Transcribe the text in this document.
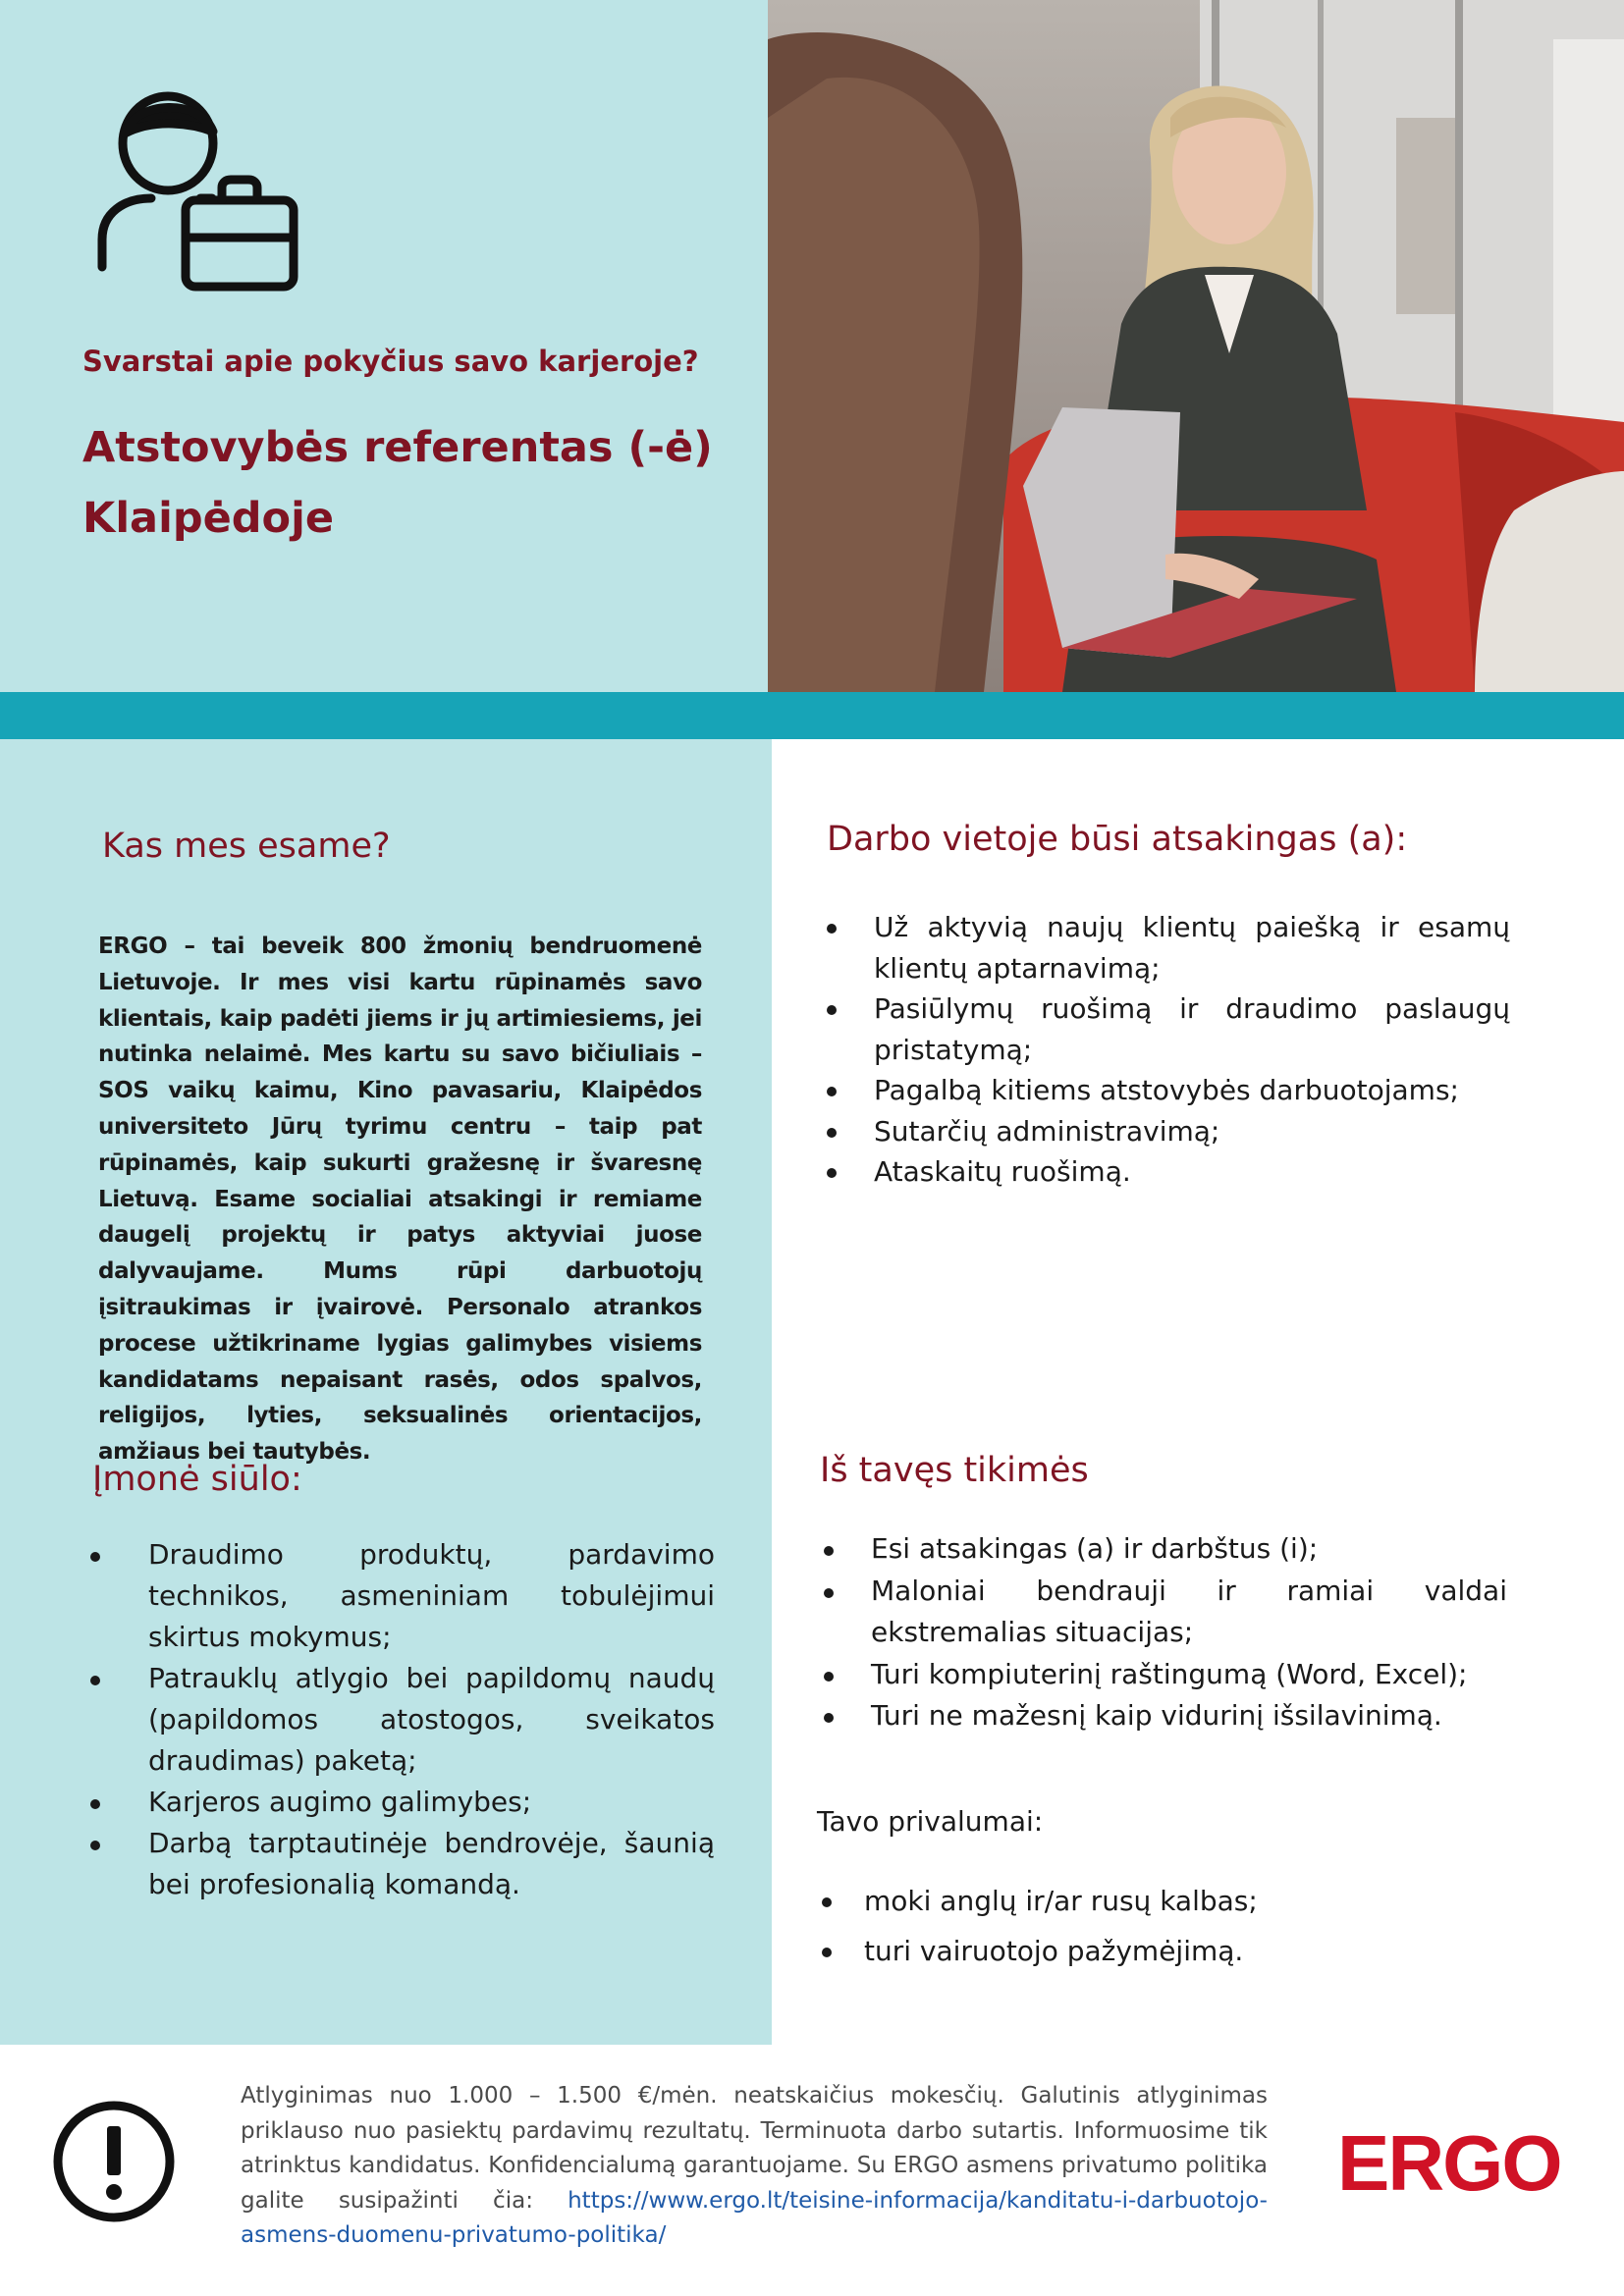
Svarstai apie pokyčius savo karjeroje?
Atstovybės referentas (-ė)
Klaipėdoje
Kas mes esame?
ERGO – tai beveik 800 žmonių bendruomenė Lietuvoje. Ir mes visi kartu rūpinamės savo klientais, kaip padėti jiems ir jų artimiesiems, jei nutinka nelaimė. Mes kartu su savo bičiuliais – SOS vaikų kaimu, Kino pavasariu, Klaipėdos universiteto Jūrų tyrimu centru – taip pat rūpinamės, kaip sukurti gražesnę ir švaresnę Lietuvą. Esame socialiai atsakingi ir remiame daugelį projektų ir patys aktyviai juose dalyvaujame. Mums rūpi darbuotojų įsitraukimas ir įvairovė. Personalo atrankos procese užtikriname lygias galimybes visiems kandidatams nepaisant rasės, odos spalvos, religijos, lyties, seksualinės orientacijos, amžiaus bei tautybės.
Įmonė siūlo:
Draudimo produktų, pardavimo technikos, asmeniniam tobulėjimui skirtus mokymus;
Patrauklų atlygio bei papildomų naudų (papildomos atostogos, sveikatos draudimas) paketą;
Karjeros augimo galimybes;
Darbą tarptautinėje bendrovėje, šaunią bei profesionalią komandą.
Darbo vietoje būsi atsakingas (a):
Už aktyvią naujų klientų paiešką ir esamų klientų aptarnavimą;
Pasiūlymų ruošimą ir draudimo paslaugų pristatymą;
Pagalbą kitiems atstovybės darbuotojams;
Sutarčių administravimą;
Ataskaitų ruošimą.
Iš tavęs tikimės
Esi atsakingas (a) ir darbštus (i);
Maloniai bendrauji ir ramiai valdai ekstremalias situacijas;
Turi kompiuterinį raštingumą (Word, Excel);
Turi ne mažesnį kaip vidurinį išsilavinimą.
Tavo privalumai:
moki anglų ir/ar rusų kalbas;
turi vairuotojo pažymėjimą.
Atlyginimas nuo 1.000 – 1.500 €/mėn. neatskaičius mokesčių. Galutinis atlyginimas priklauso nuo pasiektų pardavimų rezultatų. Terminuota darbo sutartis. Informuosime tik atrinktus kandidatus. Konfidencialumą garantuojame. Su ERGO asmens privatumo politika galite susipažinti čia: https://www.ergo.lt/teisine-informacija/kanditatu-i-darbuotojo-asmens-duomenu-privatumo-politika/
ERGO
